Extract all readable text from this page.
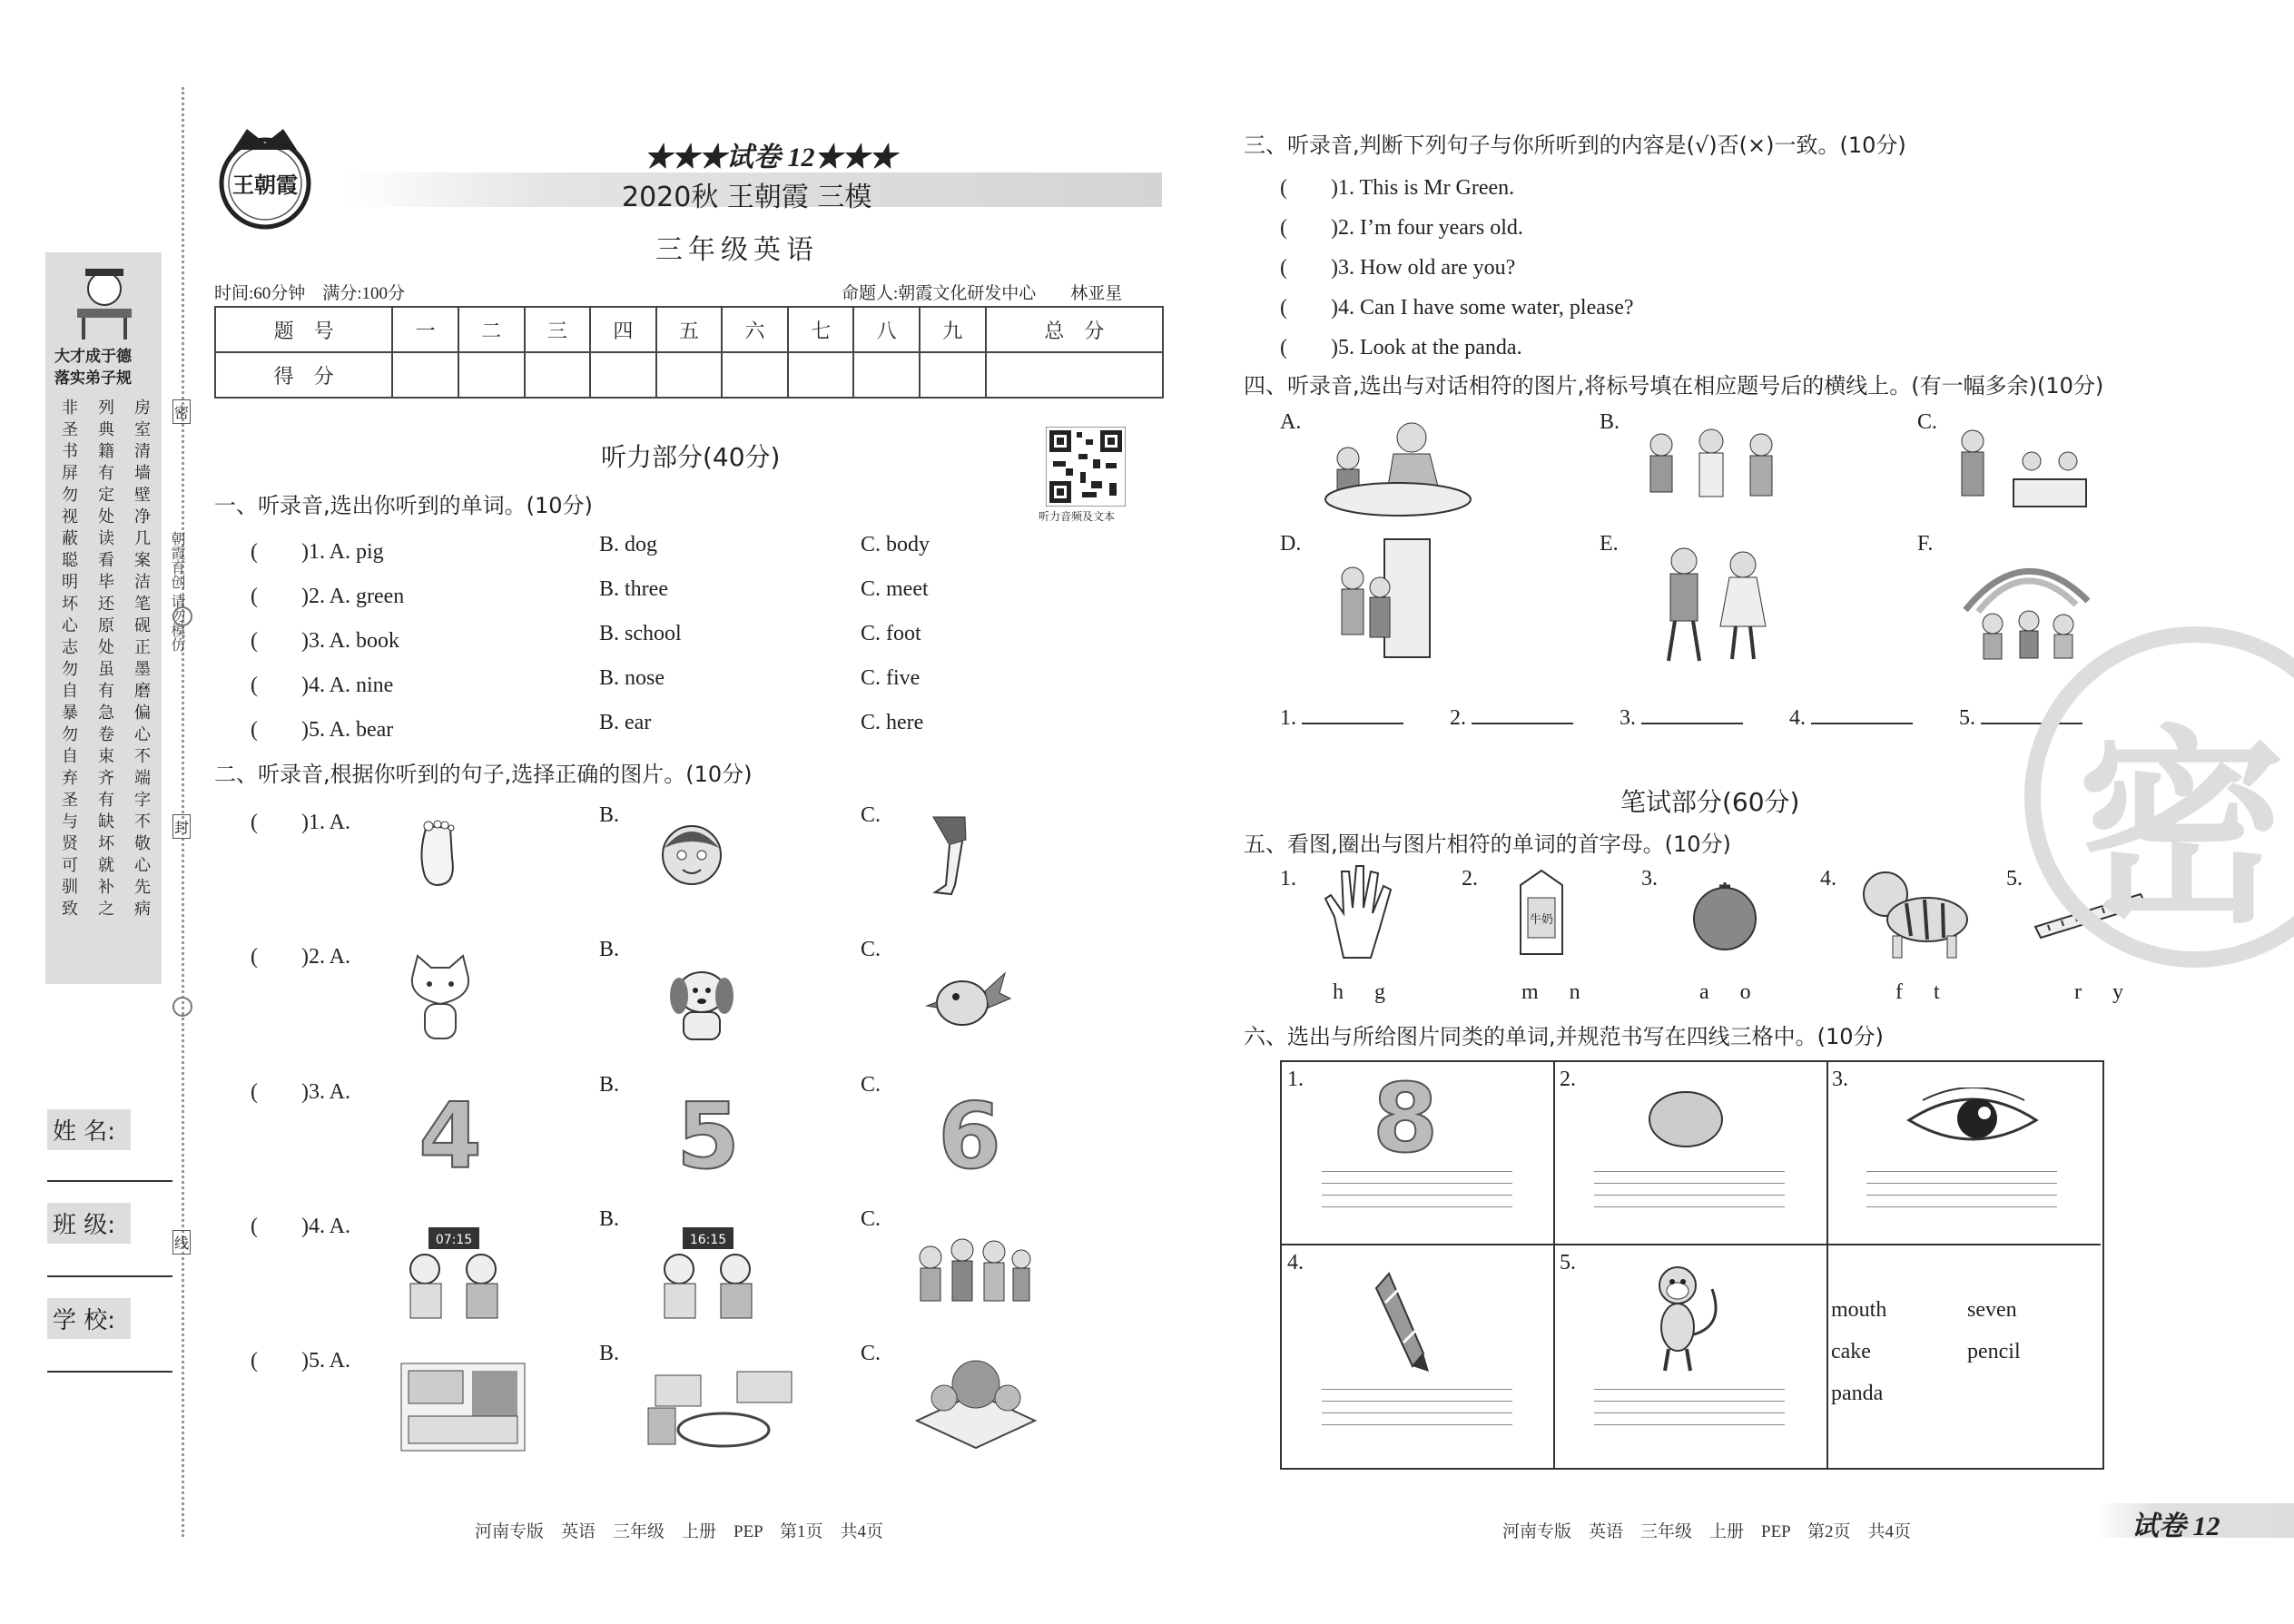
大才成于德
落实弟子规
非	列	房
圣	典	室
书	籍	清
屏	有	墙
勿	定	壁
视	处	净
蔽	读	几
聪	看	案
明	毕	洁
坏	还	笔
心	原	砚
志	处	正
勿	虽	墨
自	有	磨
暴	急	偏
勿	卷	心
自	束	不
弃	齐	端
圣	有	字
与	缺	不
贤	坏	敬
可	就	心
驯	补	先
致	之	病
朝霞育创 请勿模仿
密
封
线
姓 名:
班 级:
学 校:
王朝霞
★★★试卷 12★★★
2020秋 王朝霞 三模
三年级英语
时间:60分钟　满分:100分	命题人:朝霞文化研发中心　　林亚星
题　号	一	二	三	四	五	六	七	八	九	总　分
得　分										
听力部分(40分)
听力音频及文本
一、听录音,选出你听到的单词。(10分)
(　　)1. A. pig	B. dog	C. body
(　　)2. A. green	B. three	C. meet
(　　)3. A. book	B. school	C. foot
(　　)4. A. nine	B. nose	C. five
(　　)5. A. bear	B. ear	C. here
二、听录音,根据你听到的句子,选择正确的图片。(10分)
(　　)1. A.	B.	C.
(　　)2. A.	B.	C.
(　　)3. A.	B.	C.
(　　)4. A.	B.	C.
(　　)5. A.	B.	C.
4 5 6
07:15	16:15
三、听录音,判断下列句子与你所听到的内容是(√)否(×)一致。(10分)
(　　)1. This is Mr Green.
(　　)2. I’m four years old.
(　　)3. How old are you?
(　　)4. Can I have some water, please?
(　　)5. Look at the panda.
四、听录音,选出与对话相符的图片,将标号填在相应题号后的横线上。(有一幅多余)(10分)
A.	B.	C.
D.	E.	F.
1.	2.	3.	4.	5.
笔试部分(60分)
五、看图,圈出与图片相符的单词的首字母。(10分)
1.	2.	3.	4.	5.
牛奶
h g	m n	a o	f t	r y
六、选出与所给图片同类的单词,并规范书写在四线三格中。(10分)
1.	2.	3.
4.	5.
8
mouth	seven
cake	pencil
panda
密
河南专版　英语　三年级　上册　PEP　第1页　共4页	河南专版　英语　三年级　上册　PEP　第2页　共4页	试卷 12
